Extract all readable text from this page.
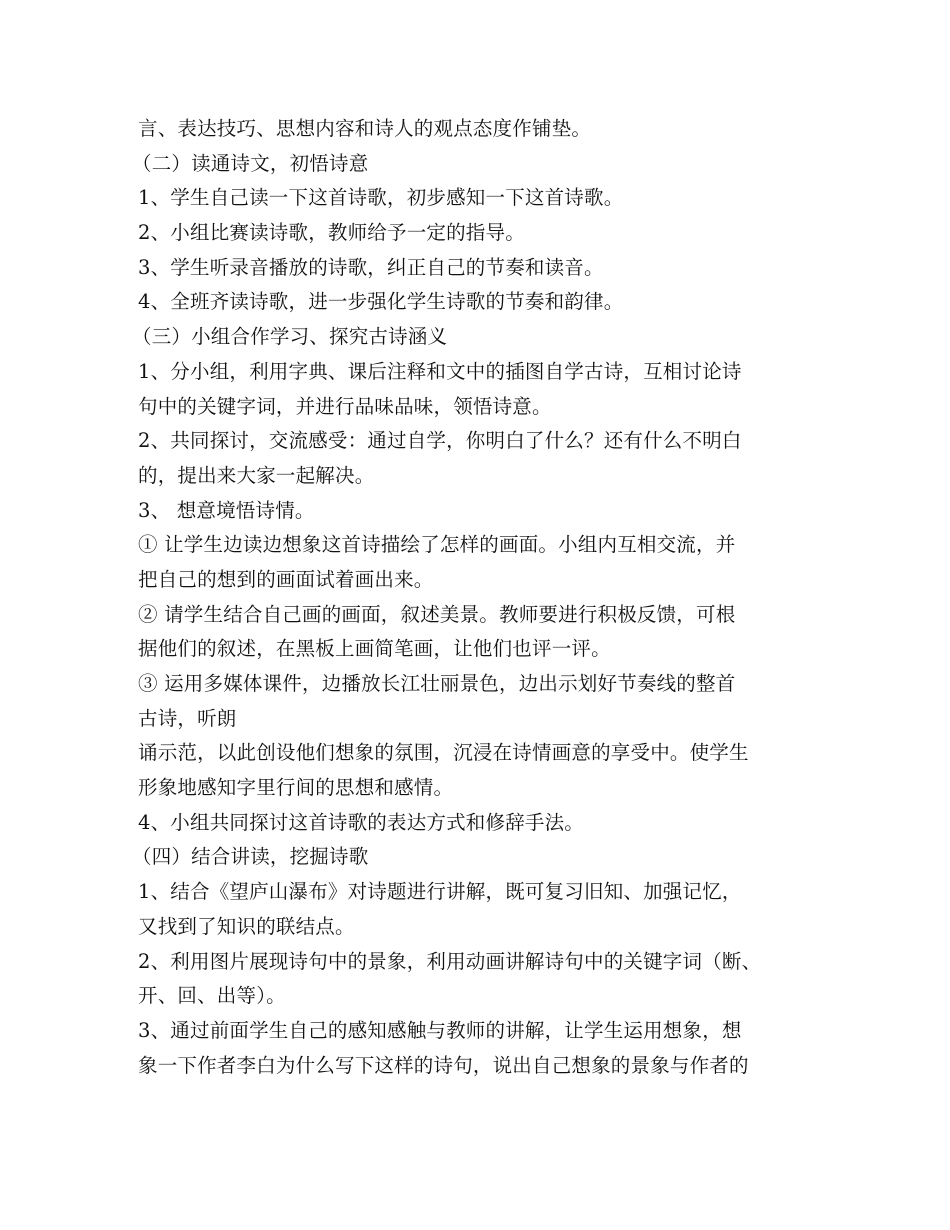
言、表达技巧、思想内容和诗人的观点态度作铺垫。
（二）读通诗文，初悟诗意
1、学生自己读一下这首诗歌，初步感知一下这首诗歌。
2、小组比赛读诗歌，教师给予一定的指导。
3、学生听录音播放的诗歌，纠正自己的节奏和读音。
4、全班齐读诗歌，进一步强化学生诗歌的节奏和韵律。
（三）小组合作学习、探究古诗涵义
1、分小组，利用字典、课后注释和文中的插图自学古诗，互相讨论诗
句中的关键字词，并进行品味品味，领悟诗意。
2、共同探讨，交流感受：通过自学，你明白了什么？还有什么不明白
的，提出来大家一起解决。
3、 想意境悟诗情。
① 让学生边读边想象这首诗描绘了怎样的画面。小组内互相交流，并
把自己的想到的画面试着画出来。
② 请学生结合自己画的画面，叙述美景。教师要进行积极反馈，可根
据他们的叙述，在黑板上画简笔画，让他们也评一评。
③ 运用多媒体课件，边播放长江壮丽景色，边出示划好节奏线的整首
古诗，听朗
诵示范，以此创设他们想象的氛围，沉浸在诗情画意的享受中。使学生
形象地感知字里行间的思想和感情。
4、小组共同探讨这首诗歌的表达方式和修辞手法。
（四）结合讲读，挖掘诗歌
1、结合《望庐山瀑布》对诗题进行讲解，既可复习旧知、加强记忆，
又找到了知识的联结点。
2、利用图片展现诗句中的景象，利用动画讲解诗句中的关键字词（断、
开、回、出等）。
3、通过前面学生自己的感知感触与教师的讲解，让学生运用想象，想
象一下作者李白为什么写下这样的诗句，说出自己想象的景象与作者的
